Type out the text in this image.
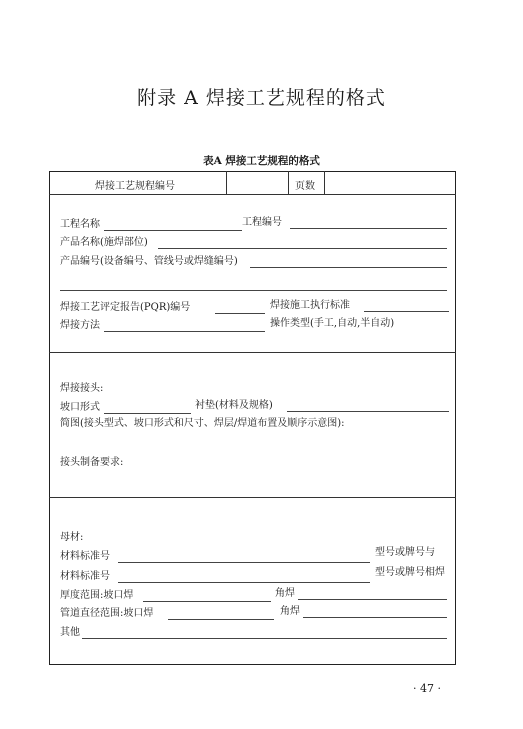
附录 A 焊接工艺规程的格式
表A 焊接工艺规程的格式
焊接工艺规程编号	页数
工程名称	工程编号
产品名称(施焊部位)
产品编号(设备编号、管线号或焊缝编号)
焊接工艺评定报告(PQR)编号	焊接施工执行标准
焊接方法	操作类型(手工,自动,半自动)
焊接接头:
坡口形式	衬垫(材料及规格)
简图(接头型式、坡口形式和尺寸、焊层/焊道布置及顺序示意图):
接头制备要求:
母材:
材料标准号	型号或牌号与
材料标准号	型号或牌号相焊
厚度范围:坡口焊	角焊
管道直径范围:坡口焊	角焊
其他
· 47 ·
